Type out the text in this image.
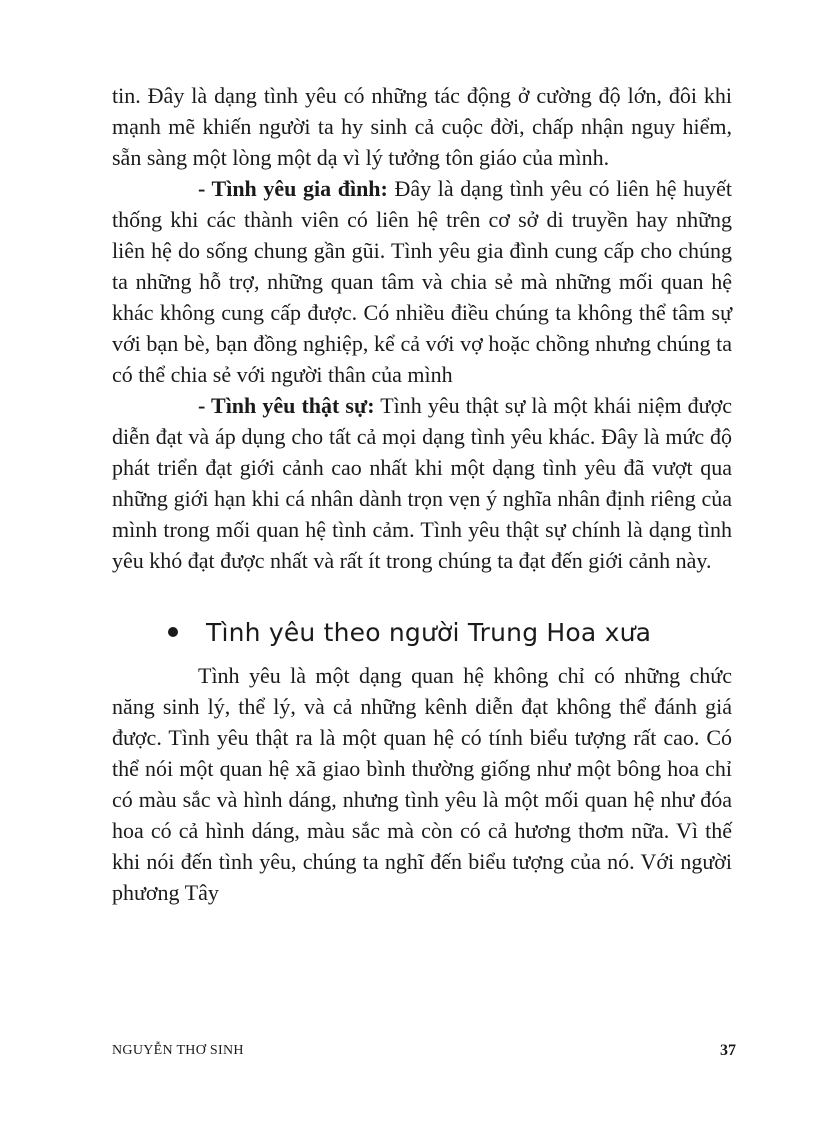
tin. Đây là dạng tình yêu có những tác động ở cường độ lớn, đôi khi mạnh mẽ khiến người ta hy sinh cả cuộc đời, chấp nhận nguy hiểm, sẵn sàng một lòng một dạ vì lý tưởng tôn giáo của mình.

- Tình yêu gia đình: Đây là dạng tình yêu có liên hệ huyết thống khi các thành viên có liên hệ trên cơ sở di truyền hay những liên hệ do sống chung gần gũi. Tình yêu gia đình cung cấp cho chúng ta những hỗ trợ, những quan tâm và chia sẻ mà những mối quan hệ khác không cung cấp được. Có nhiều điều chúng ta không thể tâm sự với bạn bè, bạn đồng nghiệp, kể cả với vợ hoặc chồng nhưng chúng ta có thể chia sẻ với người thân của mình

- Tình yêu thật sự: Tình yêu thật sự là một khái niệm được diễn đạt và áp dụng cho tất cả mọi dạng tình yêu khác. Đây là mức độ phát triển đạt giới cảnh cao nhất khi một dạng tình yêu đã vượt qua những giới hạn khi cá nhân dành trọn vẹn ý nghĩa nhân định riêng của mình trong mối quan hệ tình cảm. Tình yêu thật sự chính là dạng tình yêu khó đạt được nhất và rất ít trong chúng ta đạt đến giới cảnh này.

Tình yêu theo người Trung Hoa xưa

Tình yêu là một dạng quan hệ không chỉ có những chức năng sinh lý, thể lý, và cả những kênh diễn đạt không thể đánh giá được. Tình yêu thật ra là một quan hệ có tính biểu tượng rất cao. Có thể nói một quan hệ xã giao bình thường giống như một bông hoa chỉ có màu sắc và hình dáng, nhưng tình yêu là một mối quan hệ như đóa hoa có cả hình dáng, màu sắc mà còn có cả hương thơm nữa. Vì thế khi nói đến tình yêu, chúng ta nghĩ đến biểu tượng của nó. Với người phương Tây

NGUYỄN THƠ SINH	37
